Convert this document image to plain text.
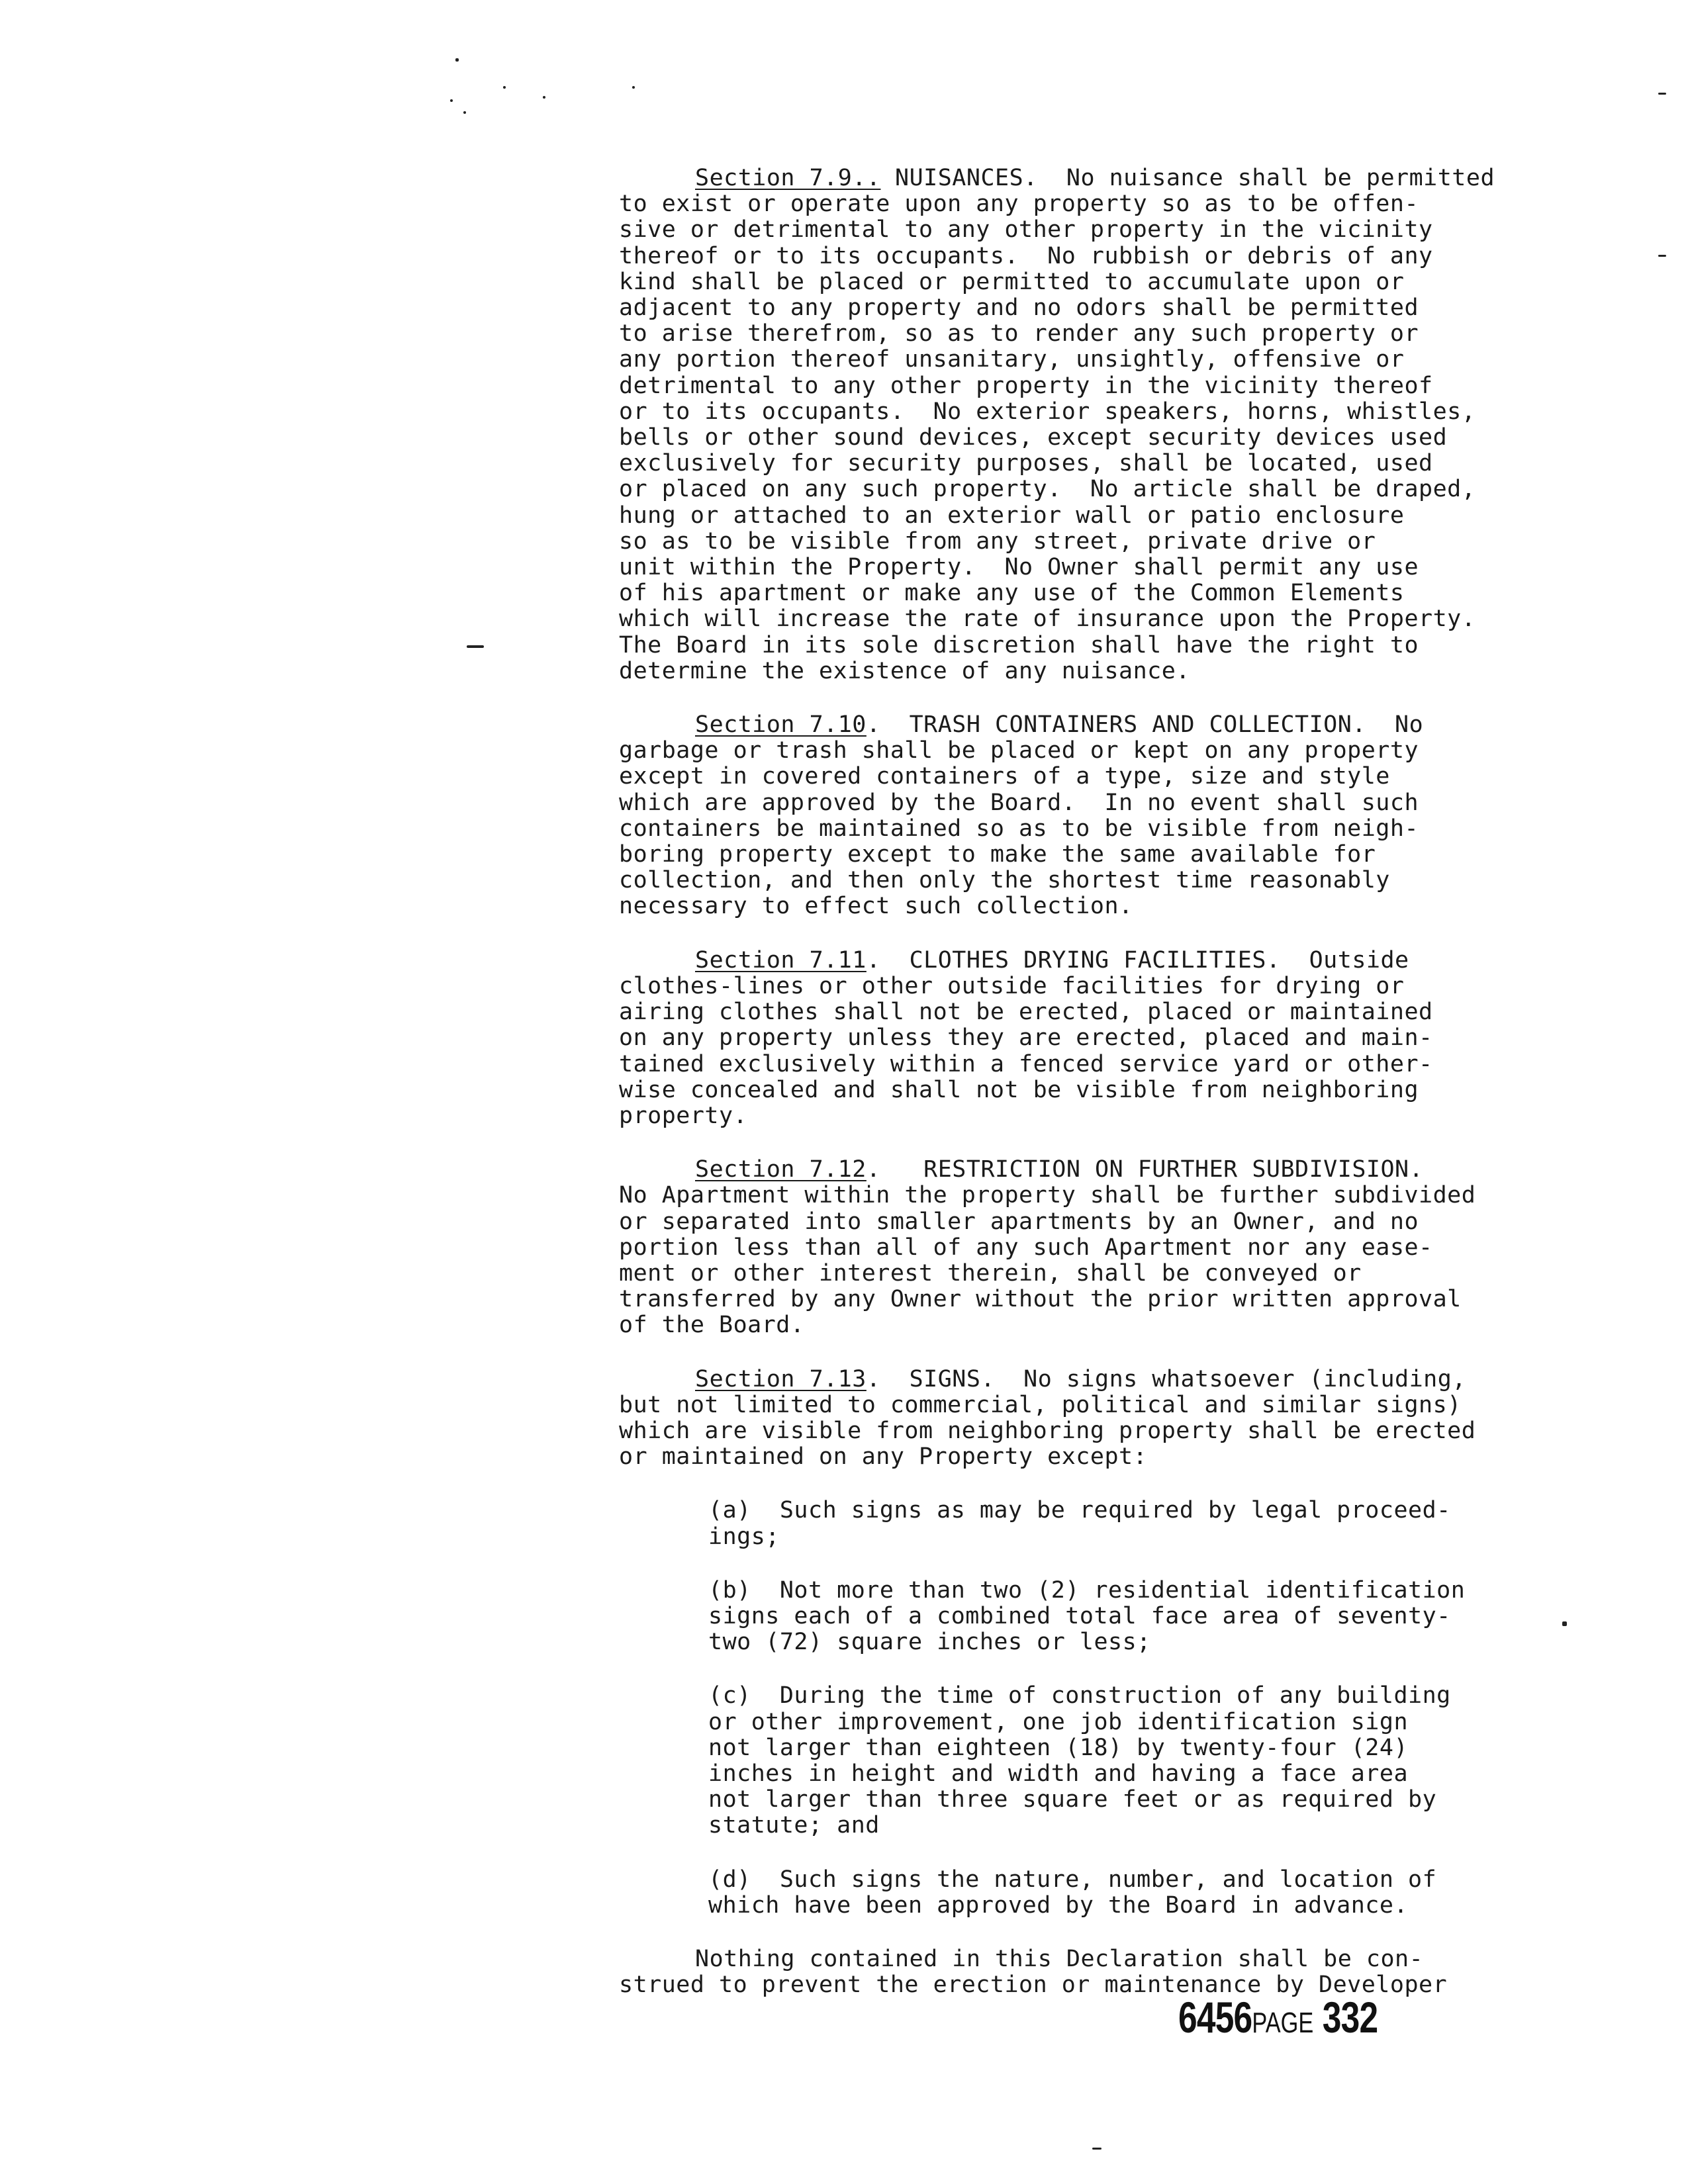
Section 7.9.. NUISANCES.  No nuisance shall be permitted
to exist or operate upon any property so as to be offen-
sive or detrimental to any other property in the vicinity
thereof or to its occupants.  No rubbish or debris of any
kind shall be placed or permitted to accumulate upon or
adjacent to any property and no odors shall be permitted
to arise therefrom, so as to render any such property or
any portion thereof unsanitary, unsightly, offensive or
detrimental to any other property in the vicinity thereof
or to its occupants.  No exterior speakers, horns, whistles,
bells or other sound devices, except security devices used
exclusively for security purposes, shall be located, used
or placed on any such property.  No article shall be draped,
hung or attached to an exterior wall or patio enclosure
so as to be visible from any street, private drive or
unit within the Property.  No Owner shall permit any use
of his apartment or make any use of the Common Elements
which will increase the rate of insurance upon the Property.
The Board in its sole discretion shall have the right to
determine the existence of any nuisance.
Section 7.10.  TRASH CONTAINERS AND COLLECTION.  No
garbage or trash shall be placed or kept on any property
except in covered containers of a type, size and style
which are approved by the Board.  In no event shall such
containers be maintained so as to be visible from neigh-
boring property except to make the same available for
collection, and then only the shortest time reasonably
necessary to effect such collection.
Section 7.11.  CLOTHES DRYING FACILITIES.  Outside
clothes-lines or other outside facilities for drying or
airing clothes shall not be erected, placed or maintained
on any property unless they are erected, placed and main-
tained exclusively within a fenced service yard or other-
wise concealed and shall not be visible from neighboring
property.
Section 7.12.   RESTRICTION ON FURTHER SUBDIVISION.
No Apartment within the property shall be further subdivided
or separated into smaller apartments by an Owner, and no
portion less than all of any such Apartment nor any ease-
ment or other interest therein, shall be conveyed or
transferred by any Owner without the prior written approval
of the Board.
Section 7.13.  SIGNS.  No signs whatsoever (including,
but not limited to commercial, political and similar signs)
which are visible from neighboring property shall be erected
or maintained on any Property except:
(a)  Such signs as may be required by legal proceed-
ings;
(b)  Not more than two (2) residential identification
signs each of a combined total face area of seventy-
two (72) square inches or less;
(c)  During the time of construction of any building
or other improvement, one job identification sign
not larger than eighteen (18) by twenty-four (24)
inches in height and width and having a face area
not larger than three square feet or as required by
statute; and
(d)  Such signs the nature, number, and location of
which have been approved by the Board in advance.
Nothing contained in this Declaration shall be con-
strued to prevent the erection or maintenance by Developer
6456PAGE 332
